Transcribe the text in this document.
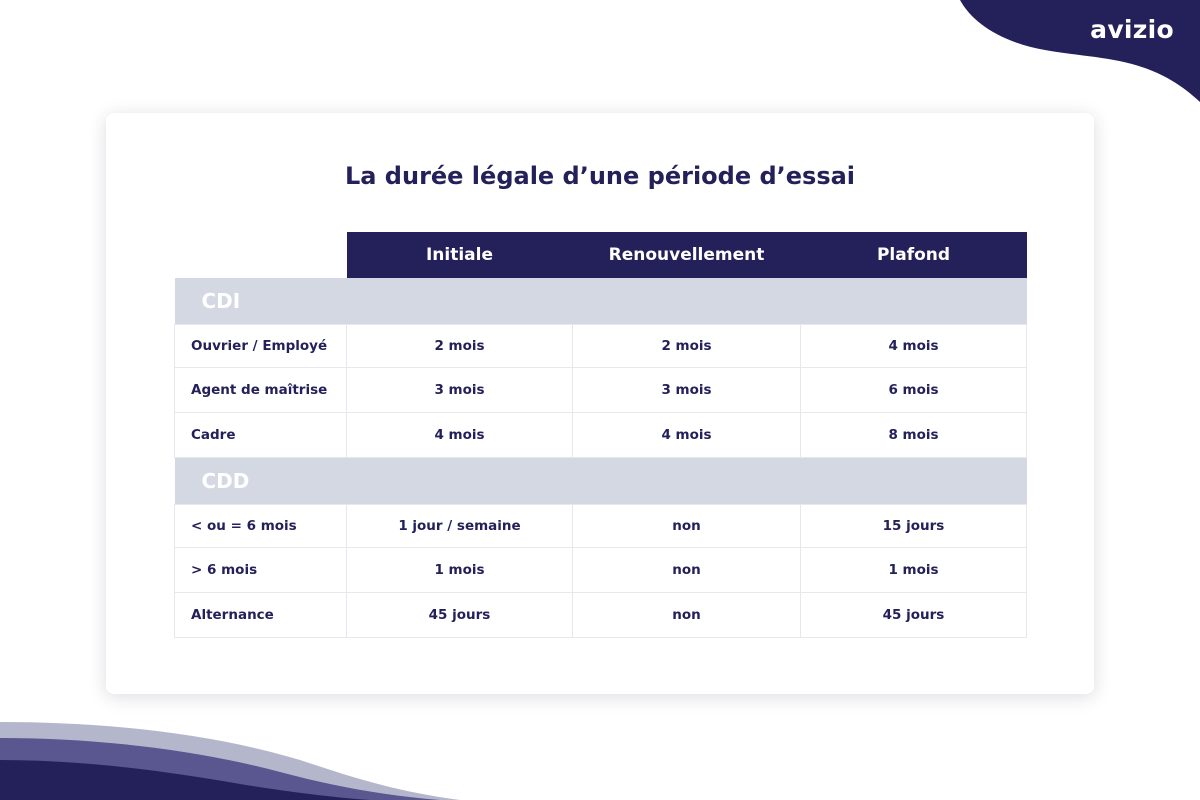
avizio
La durée légale d’une période d’essai
	Initiale	Renouvellement	Plafond
CDI			
Ouvrier / Employé	2 mois	2 mois	4 mois
Agent de maîtrise	3 mois	3 mois	6 mois
Cadre	4 mois	4 mois	8 mois
CDD			
< ou = 6 mois	1 jour / semaine	non	15 jours
> 6 mois	1 mois	non	1 mois
Alternance	45 jours	non	45 jours
